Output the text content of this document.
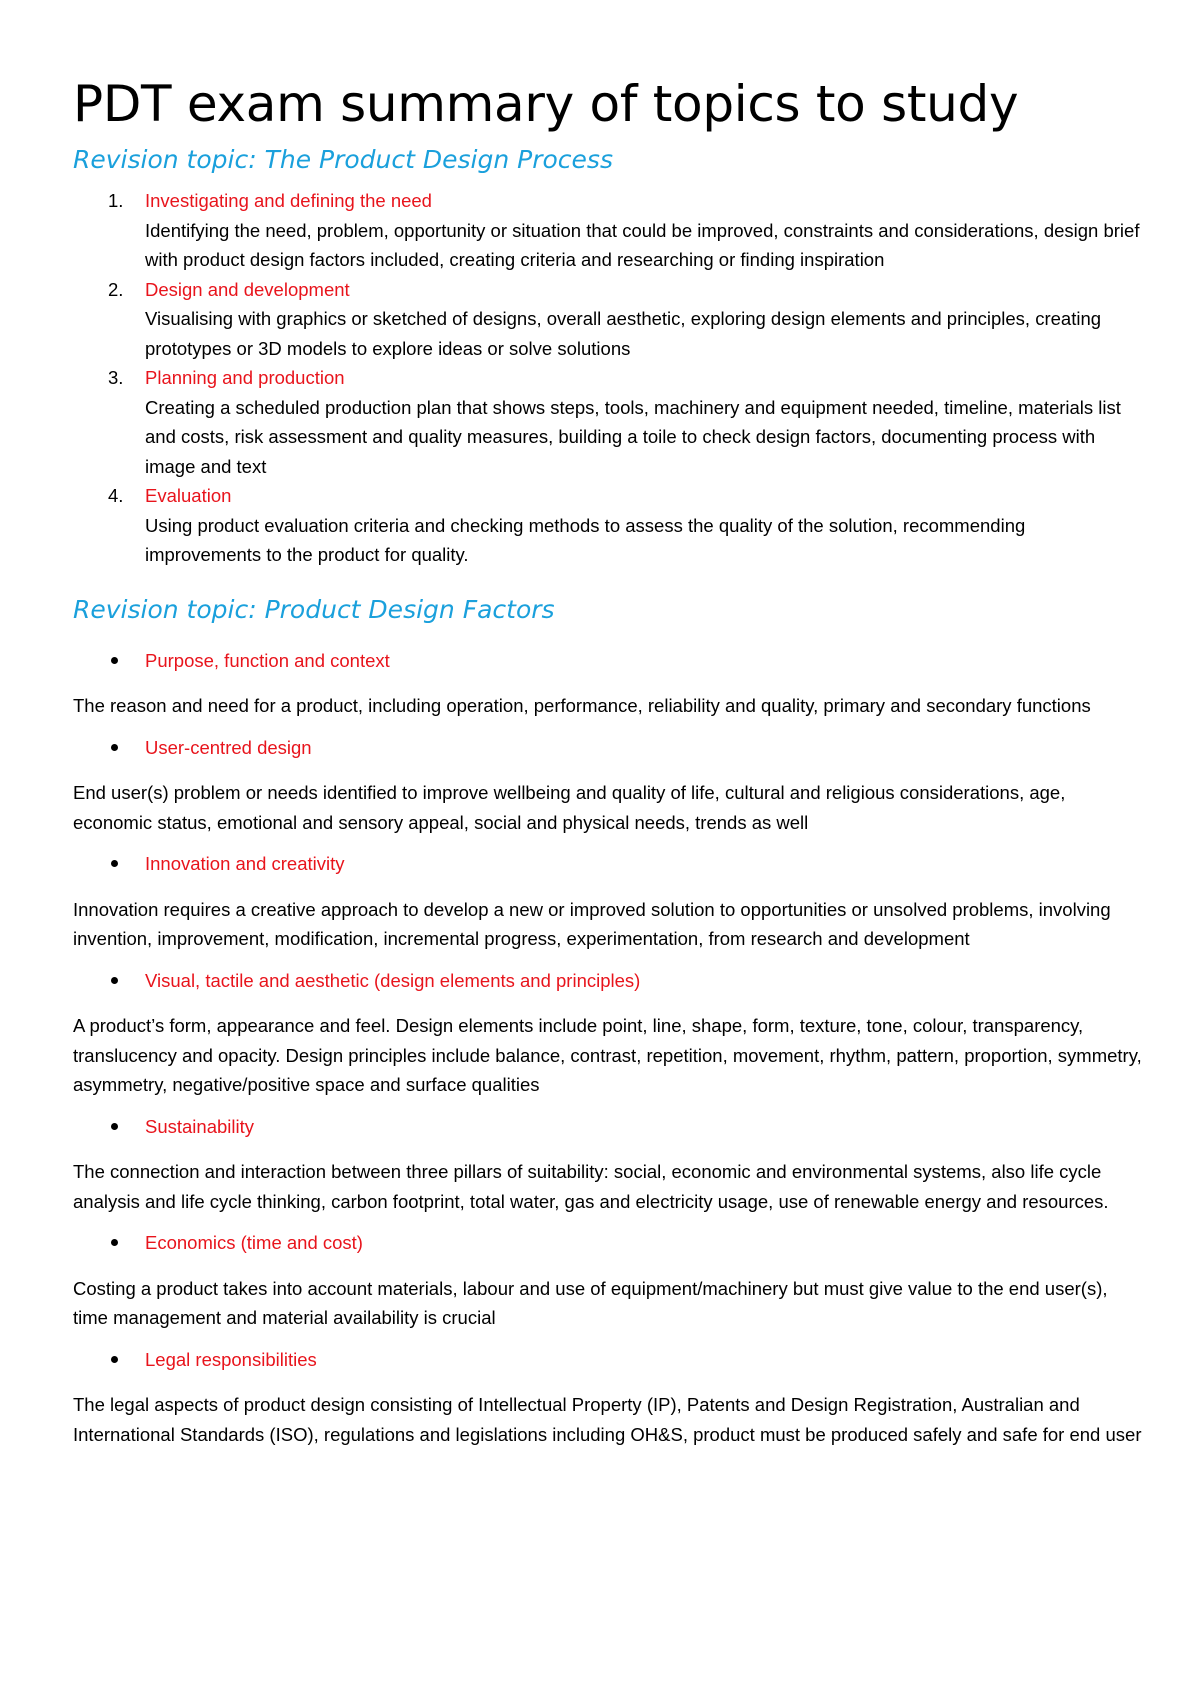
PDT exam summary of topics to study
Revision topic: The Product Design Process
1. Investigating and defining the need
Identifying the need, problem, opportunity or situation that could be improved, constraints and considerations, design brief with product design factors included, creating criteria and researching or finding inspiration
2. Design and development
Visualising with graphics or sketched of designs, overall aesthetic, exploring design elements and principles, creating prototypes or 3D models to explore ideas or solve solutions
3. Planning and production
Creating a scheduled production plan that shows steps, tools, machinery and equipment needed, timeline, materials list and costs, risk assessment and quality measures, building a toile to check design factors, documenting process with image and text
4. Evaluation
Using product evaluation criteria and checking methods to assess the quality of the solution, recommending improvements to the product for quality.
Revision topic: Product Design Factors
Purpose, function and context

The reason and need for a product, including operation, performance, reliability and quality, primary and secondary functions

User-centred design

End user(s) problem or needs identified to improve wellbeing and quality of life, cultural and religious considerations, age, economic status, emotional and sensory appeal, social and physical needs, trends as well

Innovation and creativity

Innovation requires a creative approach to develop a new or improved solution to opportunities or unsolved problems, involving invention, improvement, modification, incremental progress, experimentation, from research and development

Visual, tactile and aesthetic (design elements and principles)

A product’s form, appearance and feel. Design elements include point, line, shape, form, texture, tone, colour, transparency, translucency and opacity. Design principles include balance, contrast, repetition, movement, rhythm, pattern, proportion, symmetry, asymmetry, negative/positive space and surface qualities

Sustainability

The connection and interaction between three pillars of suitability: social, economic and environmental systems, also life cycle analysis and life cycle thinking, carbon footprint, total water, gas and electricity usage, use of renewable energy and resources.

Economics (time and cost)

Costing a product takes into account materials, labour and use of equipment/machinery but must give value to the end user(s), time management and material availability is crucial

Legal responsibilities

The legal aspects of product design consisting of Intellectual Property (IP), Patents and Design Registration, Australian and International Standards (ISO), regulations and legislations including OH&S, product must be produced safely and safe for end user
